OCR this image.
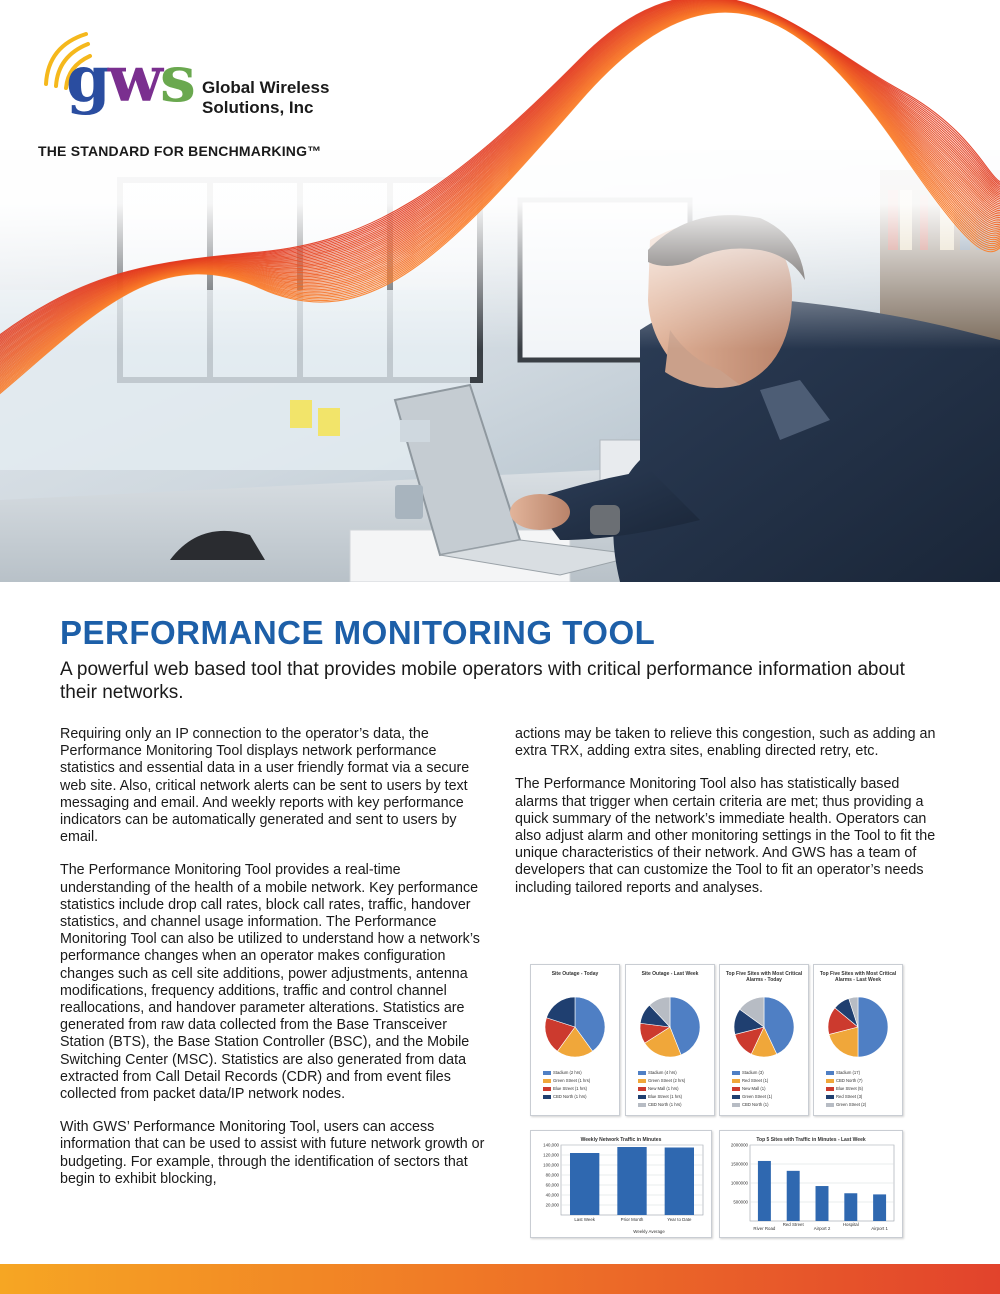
gws Global Wireless
Solutions, Inc
THE STANDARD FOR BENCHMARKING™
PERFORMANCE MONITORING TOOL

A powerful web based tool that provides mobile operators with critical performance information about their networks.

Requiring only an IP connection to the operator’s data, the Performance Monitoring Tool displays network performance statistics and essential data in a user friendly format via a secure web site. Also, critical network alerts can be sent to users by text messaging and email. And weekly reports with key performance indicators can be automatically generated and sent to users by email.

The Performance Monitoring Tool provides a real-time understanding of the health of a mobile network. Key performance statistics include drop call rates, block call rates, traffic, handover statistics, and channel usage information. The Performance Monitoring Tool can also be utilized to understand how a network’s performance changes when an operator makes configuration changes such as cell site additions, power adjustments, antenna modifications, frequency additions, traffic and control channel reallocations, and handover parameter alterations. Statistics are generated from raw data collected from the Base Transceiver Station (BTS), the Base Station Controller (BSC), and the Mobile Switching Center (MSC). Statistics are also generated from data extracted from Call Detail Records (CDR) and from event files collected from packet data/IP network nodes.

With GWS’ Performance Monitoring Tool, users can access information that can be used to assist with future network growth or budgeting. For example, through the identification of sectors that begin to exhibit blocking,

actions may be taken to relieve this congestion, such as adding an extra TRX, adding extra sites, enabling directed retry, etc.

The Performance Monitoring Tool also has statistically based alarms that trigger when certain criteria are met; thus providing a quick summary of the network’s immediate health. Operators can also adjust alarm and other monitoring settings in the Tool to fit the unique characteristics of their network. And GWS has a team of developers that can customize the Tool to fit an operator’s needs including tailored reports and analyses.

Site Outage - Today
Stadium (2 hrs)
Green Street (1 hrs)
Blue Street (1 hrs)
CBD North (1 hrs)
Site Outage - Last Week
Stadium (4 hrs)
Green Street (2 hrs)
New Mall (1 hrs)
Blue Street (1 hrs)
CBD North (1 hrs)
Top Five Sites with Most Critical Alarms - Today
Stadium (3)
Red Street (1)
New Mall (1)
Green Street (1)
CBD North (1)
Top Five Sites with Most Critical Alarms - Last Week
Stadium (17)
CBD North (7)
Blue Street (5)
Red Street (3)
Green Street (2)
Weekly Network Traffic in Minutes
140,000
120,000
100,000
80,000
60,000
40,000
20,000
Last Week	Prior Month	Year to Date
Weekly Average
Top 5 Sites with Traffic in Minutes - Last Week
2000000
1500000
1000000
500000
River Road
Red Street
Airport 2
Hospital
Airport 1
